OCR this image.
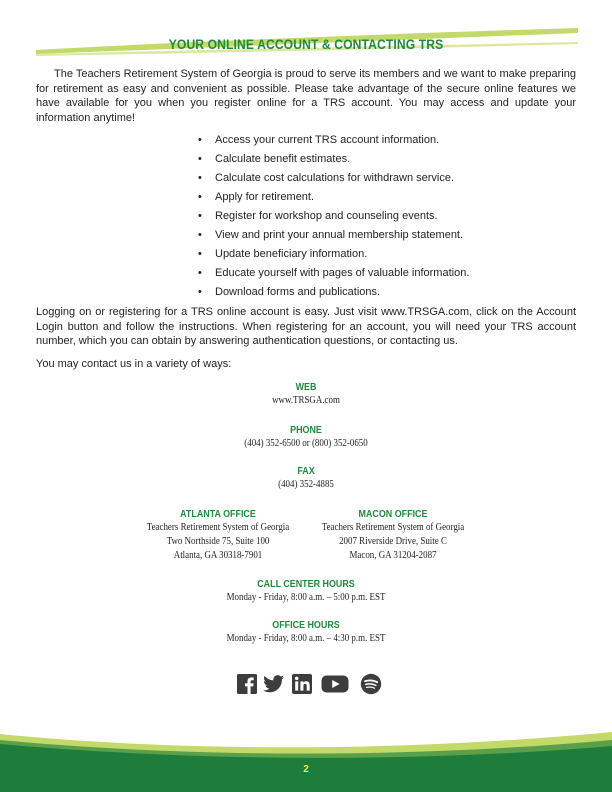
YOUR ONLINE ACCOUNT & CONTACTING TRS

The Teachers Retirement System of Georgia is proud to serve its members and we want to make preparing for retirement as easy and convenient as possible. Please take advantage of the secure online features we have available for you when you register online for a TRS account. You may access and update your information anytime!

• Access your current TRS account information.
• Calculate benefit estimates.
• Calculate cost calculations for withdrawn service.
• Apply for retirement.
• Register for workshop and counseling events.
• View and print your annual membership statement.
• Update beneficiary information.
• Educate yourself with pages of valuable information.
• Download forms and publications.

Logging on or registering for a TRS online account is easy. Just visit www.TRSGA.com, click on the Account Login button and follow the instructions. When registering for an account, you will need your TRS account number, which you can obtain by answering authentication questions, or contacting us.

You may contact us in a variety of ways:

WEB
www.TRSGA.com
PHONE
(404) 352-6500 or (800) 352-0650
FAX
(404) 352-4885
ATLANTA OFFICE
Teachers Retirement System of Georgia
Two Northside 75, Suite 100
Atlanta, GA 30318-7901
MACON OFFICE
Teachers Retirement System of Georgia
2007 Riverside Drive, Suite C
Macon, GA 31204-2087
CALL CENTER HOURS
Monday - Friday, 8:00 a.m. – 5:00 p.m. EST
OFFICE HOURS
Monday - Friday, 8:00 a.m. – 4:30 p.m. EST
2
